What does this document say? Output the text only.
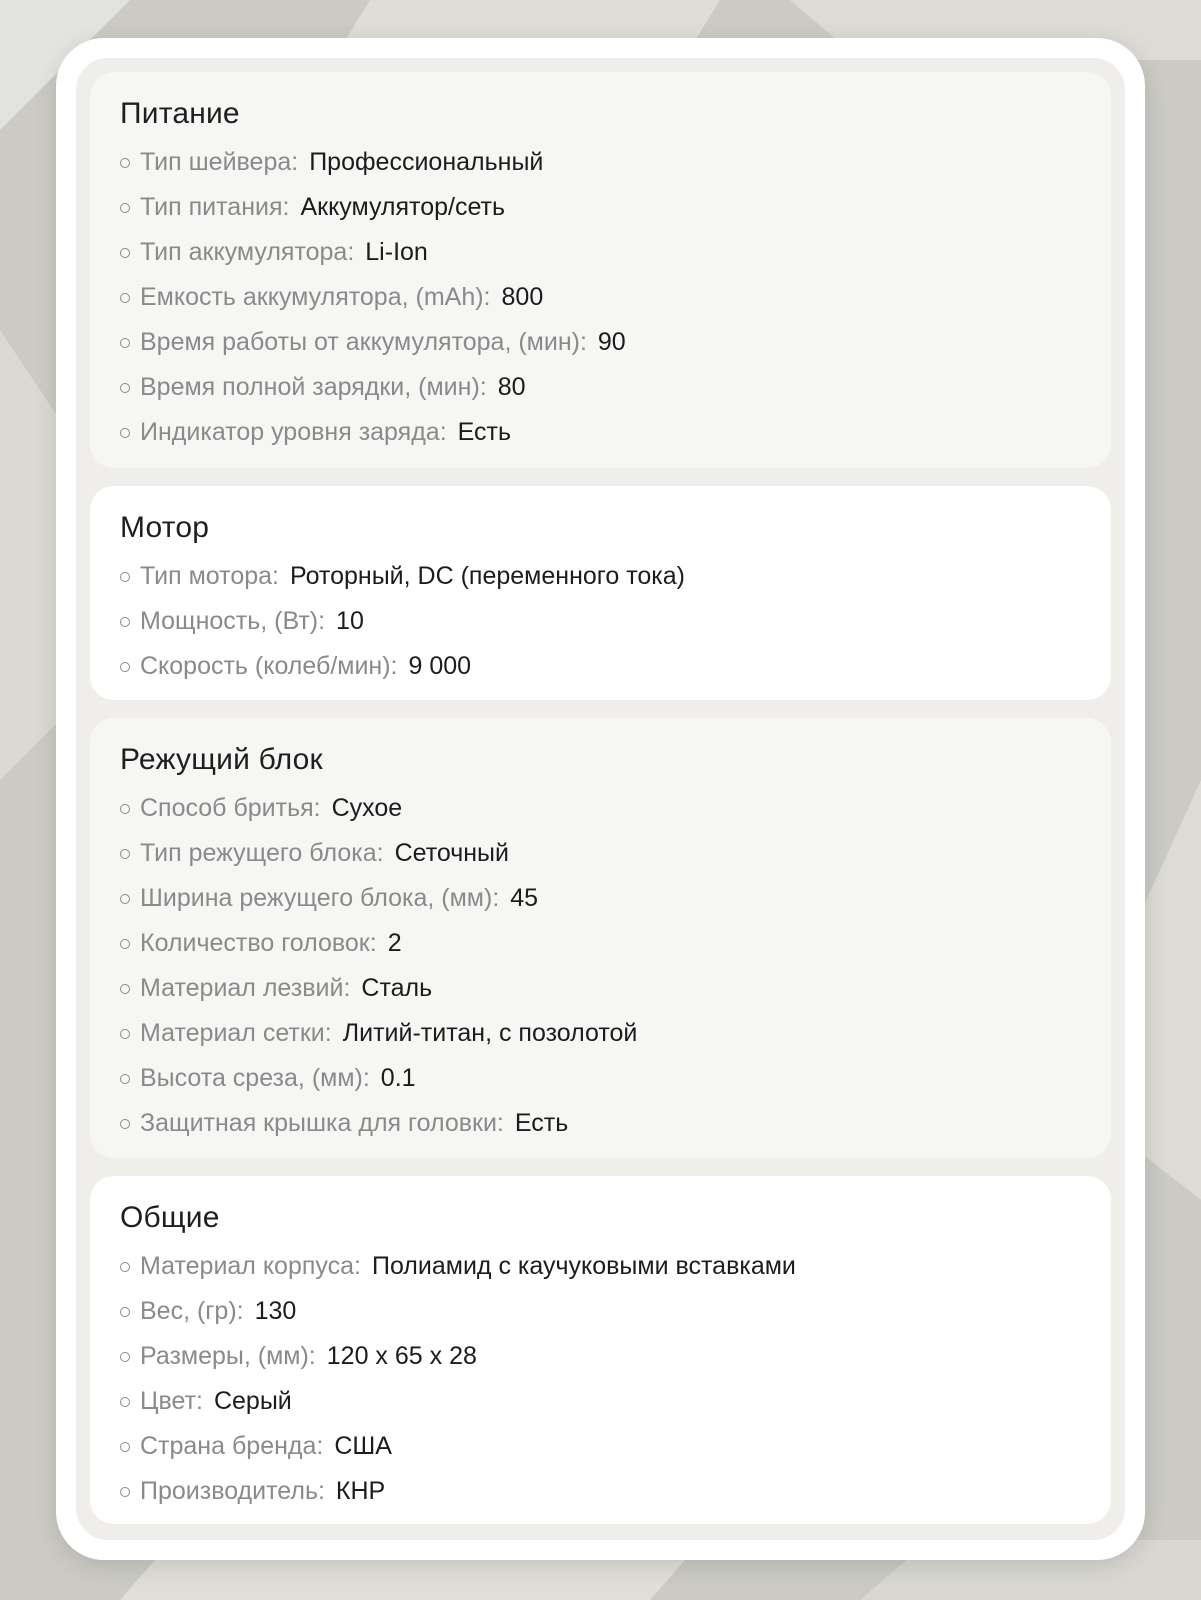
Питание
Тип шейвера: Профессиональный
Тип питания: Аккумулятор/сеть
Тип аккумулятора: Li-Ion
Емкость аккумулятора, (mAh): 800
Время работы от аккумулятора, (мин): 90
Время полной зарядки, (мин): 80
Индикатор уровня заряда: Есть
Мотор
Тип мотора: Роторный, DC (переменного тока)
Мощность, (Вт): 10
Скорость (колеб/мин): 9 000
Режущий блок
Способ бритья: Сухое
Тип режущего блока: Сеточный
Ширина режущего блока, (мм): 45
Количество головок: 2
Материал лезвий: Сталь
Материал сетки: Литий-титан, с позолотой
Высота среза, (мм): 0.1
Защитная крышка для головки: Есть
Общие
Материал корпуса: Полиамид с каучуковыми вставками
Вес, (гр): 130
Размеры, (мм): 120 x 65 x 28
Цвет: Серый
Страна бренда: США
Производитель: КНР
